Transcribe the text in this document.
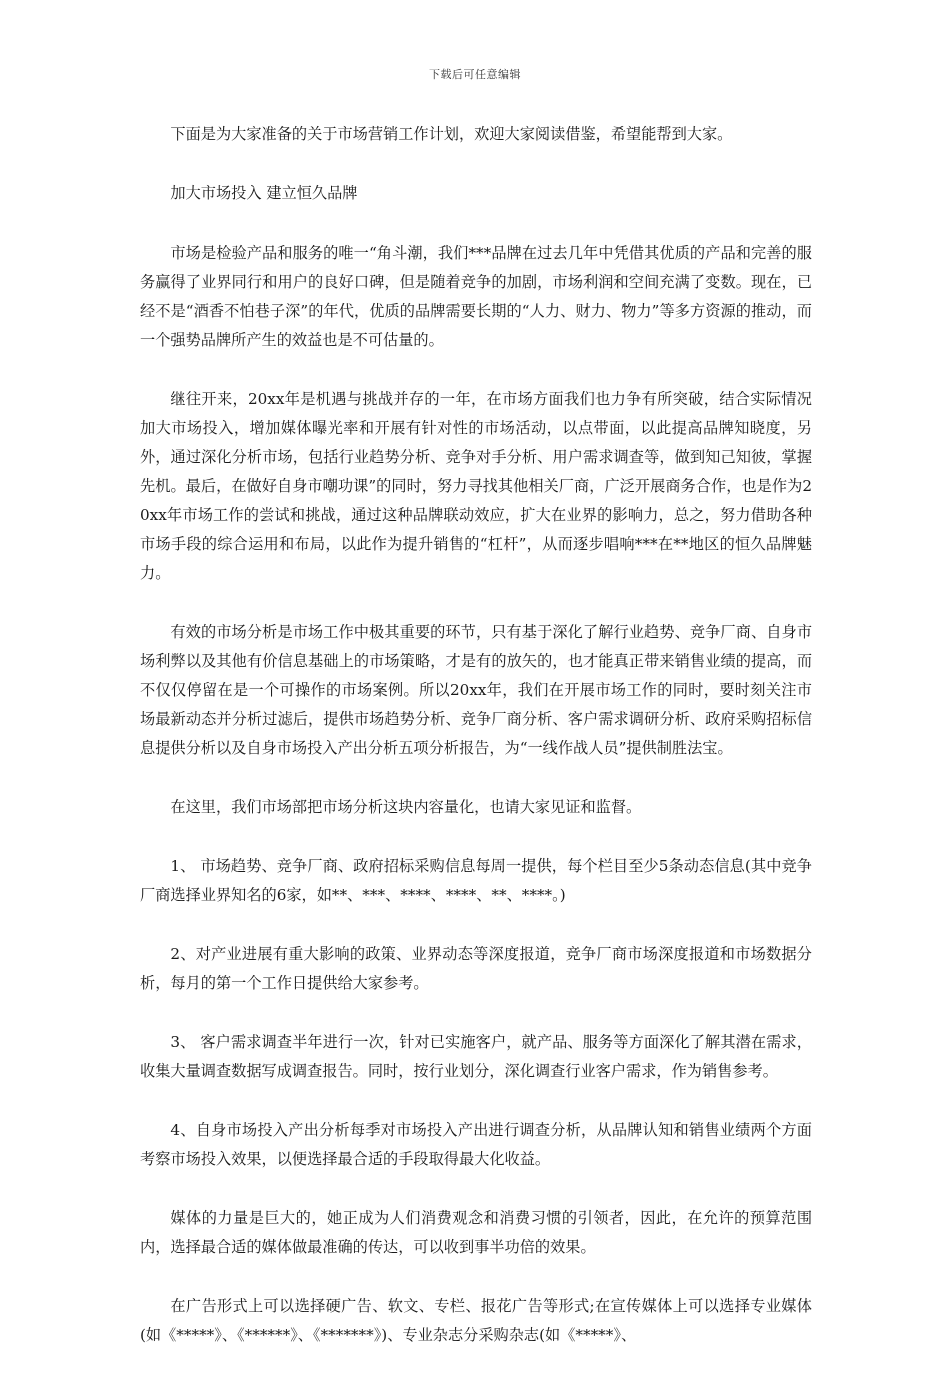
下载后可任意编辑

下面是为大家准备的关于市场营销工作计划，欢迎大家阅读借鉴，希望能帮到大家。

加大市场投入 建立恒久品牌

市场是检验产品和服务的唯一“角斗潮，我们***品牌在过去几年中凭借其优质的产品和完善的服务赢得了业界同行和用户的良好口碑，但是随着竞争的加剧，市场利润和空间充满了变数。现在，已经不是“酒香不怕巷子深”的年代，优质的品牌需要长期的“人力、财力、物力”等多方资源的推动，而一个强势品牌所产生的效益也是不可估量的。

继往开来，20xx年是机遇与挑战并存的一年，在市场方面我们也力争有所突破，结合实际情况加大市场投入，增加媒体曝光率和开展有针对性的市场活动，以点带面，以此提高品牌知晓度，另外，通过深化分析市场，包括行业趋势分析、竞争对手分析、用户需求调查等，做到知己知彼，掌握先机。最后，在做好自身市嘲功课”的同时，努力寻找其他相关厂商，广泛开展商务合作，也是作为20xx年市场工作的尝试和挑战，通过这种品牌联动效应，扩大在业界的影响力，总之，努力借助各种市场手段的综合运用和布局，以此作为提升销售的“杠杆”，从而逐步唱响***在**地区的恒久品牌魅力。

有效的市场分析是市场工作中极其重要的环节，只有基于深化了解行业趋势、竞争厂商、自身市场利弊以及其他有价信息基础上的市场策略，才是有的放矢的，也才能真正带来销售业绩的提高，而不仅仅停留在是一个可操作的市场案例。所以20xx年，我们在开展市场工作的同时，要时刻关注市场最新动态并分析过滤后，提供市场趋势分析、竞争厂商分析、客户需求调研分析、政府采购招标信息提供分析以及自身市场投入产出分析五项分析报告，为“一线作战人员”提供制胜法宝。

在这里，我们市场部把市场分析这块内容量化，也请大家见证和监督。

1、 市场趋势、竞争厂商、政府招标采购信息每周一提供，每个栏目至少5条动态信息(其中竞争厂商选择业界知名的6家，如**、***、****、****、**、****。)

2、对产业进展有重大影响的政策、业界动态等深度报道，竞争厂商市场深度报道和市场数据分析，每月的第一个工作日提供给大家参考。

3、 客户需求调查半年进行一次，针对已实施客户，就产品、服务等方面深化了解其潜在需求，收集大量调查数据写成调查报告。同时，按行业划分，深化调查行业客户需求，作为销售参考。

4、自身市场投入产出分析每季对市场投入产出进行调查分析，从品牌认知和销售业绩两个方面考察市场投入效果，以便选择最合适的手段取得最大化收益。

媒体的力量是巨大的，她正成为人们消费观念和消费习惯的引领者，因此，在允许的预算范围内，选择最合适的媒体做最准确的传达，可以收到事半功倍的效果。

在广告形式上可以选择硬广告、软文、专栏、报花广告等形式;在宣传媒体上可以选择专业媒体(如《*****》、《******》、《*******》)、专业杂志分采购杂志(如《*****》、
